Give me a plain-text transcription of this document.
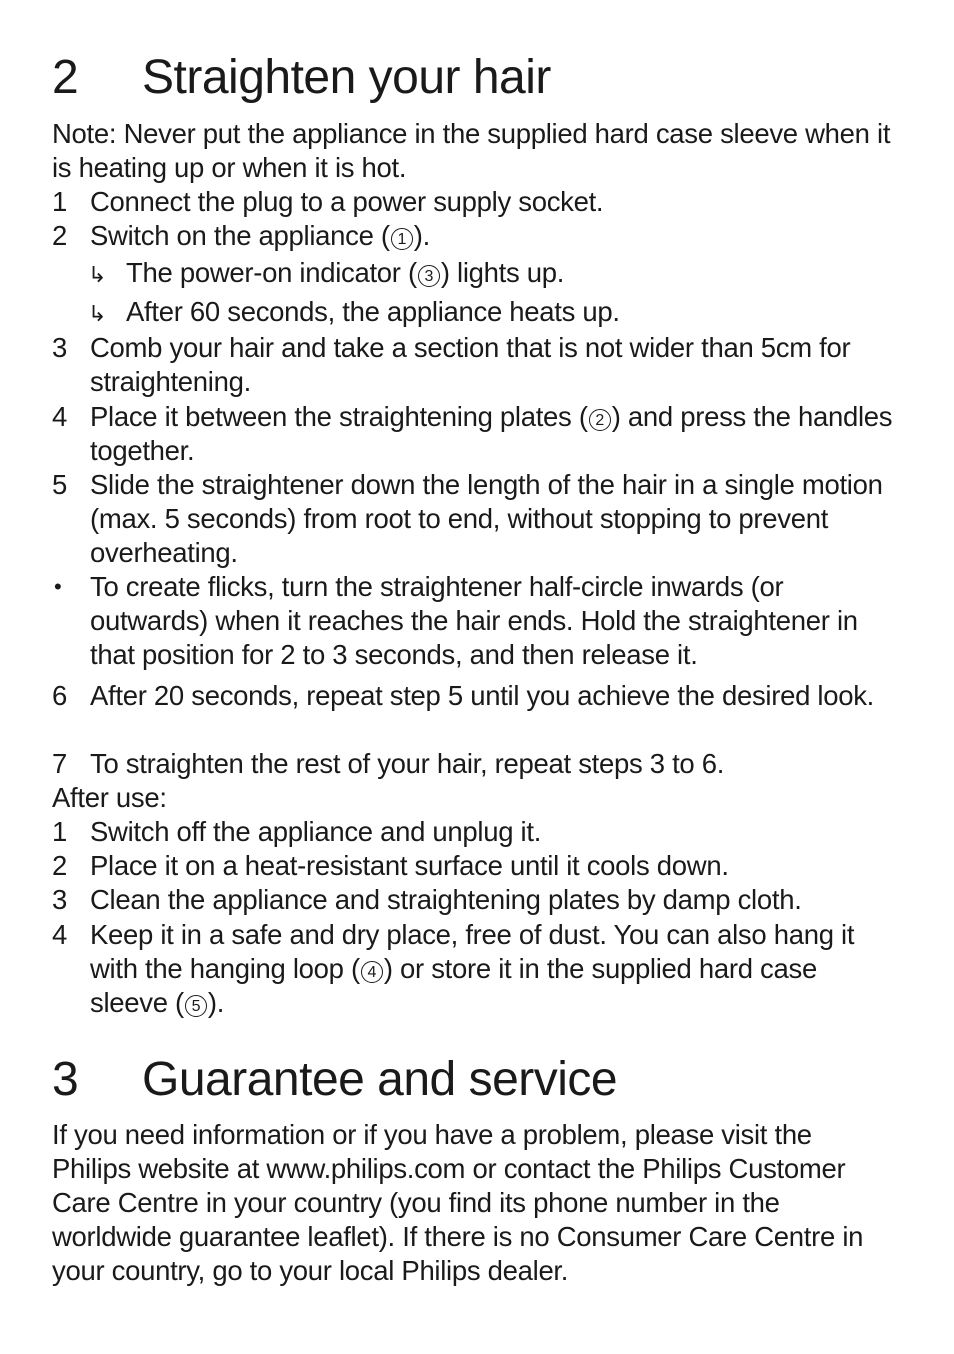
2 Straighten your hair
Note: Never put the appliance in the supplied hard case sleeve when it is heating up or when it is hot.
1 Connect the plug to a power supply socket.
2 Switch on the appliance ( 1 ).
↳ The power-on indicator ( 3 ) lights up.
↳ After 60 seconds, the appliance heats up.
3 Comb your hair and take a section that is not wider than 5cm for straightening.
4 Place it between the straightening plates ( 2 ) and press the handles together.
5 Slide the straightener down the length of the hair in a single motion (max. 5 seconds) from root to end, without stopping to prevent overheating.
• To create flicks, turn the straightener half-circle inwards (or outwards) when it reaches the hair ends. Hold the straightener in that position for 2 to 3 seconds, and then release it.
6 After 20 seconds, repeat step 5 until you achieve the desired look.
7 To straighten the rest of your hair, repeat steps 3 to 6.
After use:
1 Switch off the appliance and unplug it.
2 Place it on a heat-resistant surface until it cools down.
3 Clean the appliance and straightening plates by damp cloth.
4 Keep it in a safe and dry place, free of dust. You can also hang it with the hanging loop ( 4 ) or store it in the supplied hard case sleeve ( 5 ).
3 Guarantee and service
If you need information or if you have a problem, please visit the Philips website at www.philips.com or contact the Philips Customer Care Centre in your country (you find its phone number in the worldwide guarantee leaflet). If there is no Consumer Care Centre in your country, go to your local Philips dealer.
